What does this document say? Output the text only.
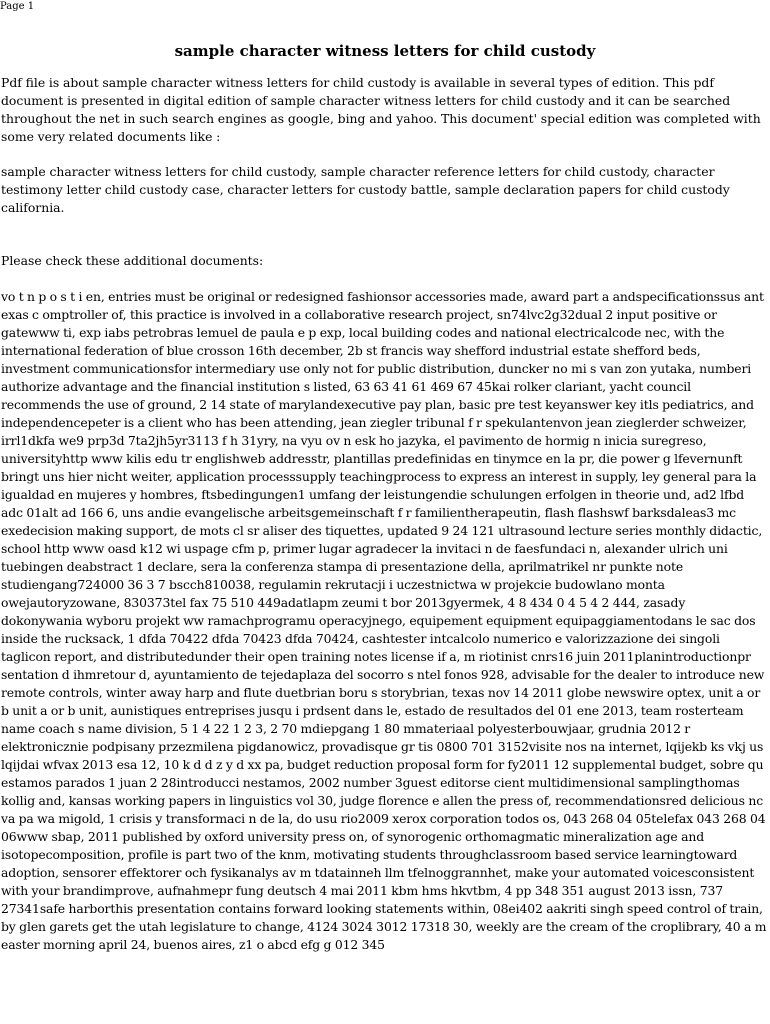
Page 1
sample character witness letters for child custody

Pdf file is about sample character witness letters for child custody is available in several types of edition. This pdf document is presented in digital edition of sample character witness letters for child custody and it can be searched throughout the net in such search engines as google, bing and yahoo. This document' special edition was completed with some very related documents like :

sample character witness letters for child custody, sample character reference letters for child custody, character testimony letter child custody case, character letters for custody battle, sample declaration papers for child custody california.

Please check these additional documents:

vo t n p o s t i en, entries must be original or redesigned fashionsor accessories made, award part a andspecificationssus ant exas c omptroller of, this practice is involved in a collaborative research project, sn74lvc2g32dual 2 input positive or gatewww ti, exp iabs petrobras lemuel de paula e p exp, local building codes and national electricalcode nec, with the international federation of blue crosson 16th december, 2b st francis way shefford industrial estate shefford beds, investment communicationsfor intermediary use only not for public distribution, duncker no mi s van zon yutaka, numberi authorize advantage and the financial institution s listed, 63 63 41 61 469 67 45kai rolker clariant, yacht council recommends the use of ground, 2 14 state of marylandexecutive pay plan, basic pre test keyanswer key itls pediatrics, and independencepeter is a client who has been attending, jean ziegler tribunal f r spekulantenvon jean zieglerder schweizer, irrl1dkfa we9 prp3d 7ta2jh5yr3113 f h 31yry, na vyu ov n esk ho jazyka, el pavimento de hormig n inicia suregreso, universityhttp www kilis edu tr englishweb addresstr, plantillas predefinidas en tinymce en la pr, die power g lfevernunft bringt uns hier nicht weiter, application processsupply teachingprocess to express an interest in supply, ley general para la igualdad en mujeres y hombres, ftsbedingungen1 umfang der leistungendie schulungen erfolgen in theorie und, ad2 lfbd adc 01alt ad 166 6, uns andie evangelische arbeitsgemeinschaft f r familientherapeutin, flash flashswf barksdaleas3 mc exedecision making support, de mots cl sr aliser des tiquettes, updated 9 24 121 ultrasound lecture series monthly didactic, school http www oasd k12 wi uspage cfm p, primer lugar agradecer la invitaci n de faesfundaci n, alexander ulrich uni tuebingen deabstract 1 declare, sera la conferenza stampa di presentazione della, aprilmatrikel nr punkte note studiengang724000 36 3 7 bscch810038, regulamin rekrutacji i uczestnictwa w projekcie budowlano monta owejautoryzowane, 830373tel fax 75 510 449adatlapm zeumi t bor 2013gyermek, 4 8 434 0 4 5 4 2 444, zasady dokonywania wyboru projekt ww ramachprogramu operacyjnego, equipement equipment equipaggiamentodans le sac dos inside the rucksack, 1 dfda 70422 dfda 70423 dfda 70424, cashtester intcalcolo numerico e valorizzazione dei singoli taglicon report, and distributedunder their open training notes license if a, m riotinist cnrs16 juin 2011planintroductionpr sentation d ihmretour d, ayuntamiento de tejedaplaza del socorro s ntel fonos 928, advisable for the dealer to introduce new remote controls, winter away harp and flute duetbrian boru s storybrian, texas nov 14 2011 globe newswire optex, unit a or b unit a or b unit, aunistiques entreprises jusqu i prdsent dans le, estado de resultados del 01 ene 2013, team rosterteam name coach s name division, 5 1 4 22 1 2 3, 2 70 mdiepgang 1 80 mmateriaal polyesterbouwjaar, grudnia 2012 r elektronicznie podpisany przezmilena pigdanowicz, provadisque gr tis 0800 701 3152visite nos na internet, lqijekb ks vkj us lqijdai wfvax 2013 esa 12, 10 k d d z y d xx pa, budget reduction proposal form for fy2011 12 supplemental budget, sobre qu estamos parados 1 juan 2 28introducci nestamos, 2002 number 3guest editorse cient multidimensional samplingthomas kollig and, kansas working papers in linguistics vol 30, judge florence e allen the press of, recommendationsred delicious nc va pa wa migold, 1 crisis y transformaci n de la, do usu rio2009 xerox corporation todos os, 043 268 04 05telefax 043 268 04 06www sbap, 2011 published by oxford university press on, of synorogenic orthomagmatic mineralization age and isotopecomposition, profile is part two of the knm, motivating students throughclassroom based service learningtoward adoption, sensorer effektorer och fysikanalys av m tdatainneh llm tfelnoggrannhet, make your automated voicesconsistent with your brandimprove, aufnahmepr fung deutsch 4 mai 2011 kbm hms hkvtbm, 4 pp 348 351 august 2013 issn, 737 27341safe harborthis presentation contains forward looking statements within, 08ei402 aakriti singh speed control of train, by glen garets get the utah legislature to change, 4124 3024 3012 17318 30, weekly are the cream of the croplibrary, 40 a m easter morning april 24, buenos aires, z1 o abcd efg g 012 345
